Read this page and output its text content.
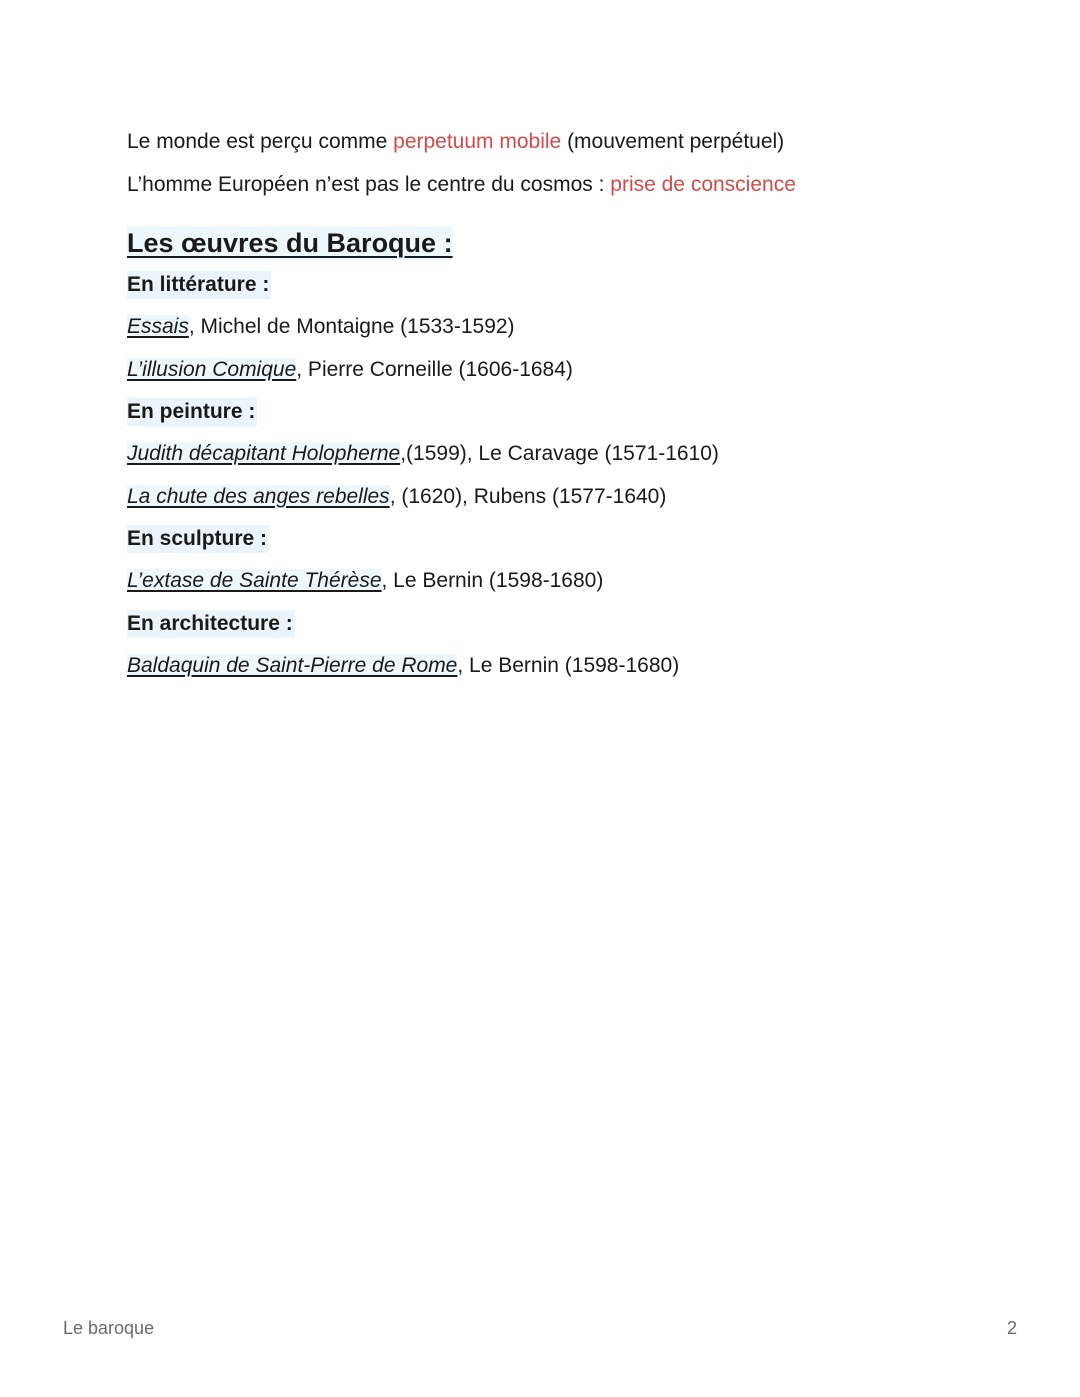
Le monde est perçu comme perpetuum mobile (mouvement perpétuel)
L’homme Européen n’est pas le centre du cosmos : prise de conscience
Les œuvres du Baroque :
En littérature :
Essais, Michel de Montaigne (1533-1592)
L’illusion Comique, Pierre Corneille (1606-1684)
En peinture :
Judith décapitant Holopherne,(1599), Le Caravage (1571-1610)
La chute des anges rebelles, (1620), Rubens (1577-1640)
En sculpture :
L’extase de Sainte Thérèse, Le Bernin (1598-1680)
En architecture :
Baldaquin de Saint-Pierre de Rome, Le Bernin (1598-1680)
Le baroque	2
